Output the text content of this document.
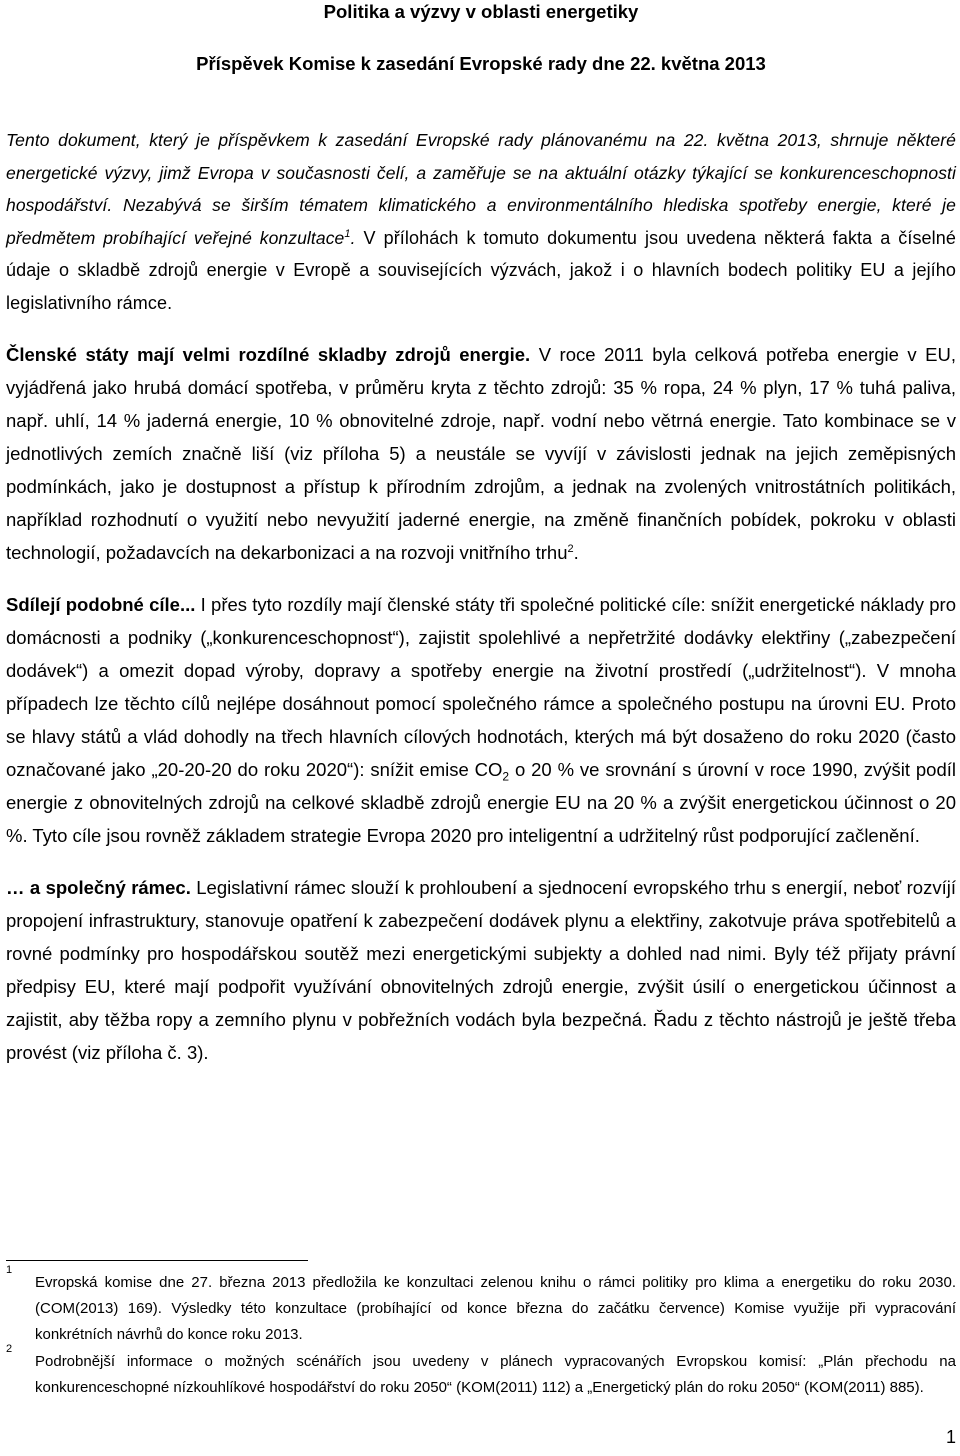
Politika a výzvy v oblasti energetiky
Příspěvek Komise k zasedání Evropské rady dne 22. května 2013

Tento dokument, který je příspěvkem k zasedání Evropské rady plánovanému na 22. května 2013, shrnuje některé energetické výzvy, jimž Evropa v současnosti čelí, a zaměřuje se na aktuální otázky týkající se konkurenceschopnosti hospodářství. Nezabývá se širším tématem klimatického a environmentálního hlediska spotřeby energie, které je předmětem probíhající veřejné konzultace$^1$. V přílohách k tomuto dokumentu jsou uvedena některá fakta a číselné údaje o skladbě zdrojů energie v Evropě a souvisejících výzvách, jakož i o hlavních bodech politiky EU a jejího legislativního rámce.

Členské státy mají velmi rozdílné skladby zdrojů energie. V roce 2011 byla celková potřeba energie v EU, vyjádřená jako hrubá domácí spotřeba, v průměru kryta z těchto zdrojů: 35 % ropa, 24 % plyn, 17 % tuhá paliva, např. uhlí, 14 % jaderná energie, 10 % obnovitelné zdroje, např. vodní nebo větrná energie. Tato kombinace se v jednotlivých zemích značně liší (viz příloha 5) a neustále se vyvíjí v závislosti jednak na jejich zeměpisných podmínkách, jako je dostupnost a přístup k přírodním zdrojům, a jednak na zvolených vnitrostátních politikách, například rozhodnutí o využití nebo nevyužití jaderné energie, na změně finančních pobídek, pokroku v oblasti technologií, požadavcích na dekarbonizaci a na rozvoji vnitřního trhu$^2$.

Sdílejí podobné cíle... I přes tyto rozdíly mají členské státy tři společné politické cíle: snížit energetické náklady pro domácnosti a podniky („konkurenceschopnost“), zajistit spolehlivé a nepřetržité dodávky elektřiny („zabezpečení dodávek“) a omezit dopad výroby, dopravy a spotřeby energie na životní prostředí („udržitelnost“). V mnoha případech lze těchto cílů nejlépe dosáhnout pomocí společného rámce a společného postupu na úrovni EU. Proto se hlavy států a vlád dohodly na třech hlavních cílových hodnotách, kterých má být dosaženo do roku 2020 (často označované jako „20-20-20 do roku 2020“): snížit emise $CO_2$ o 20 % ve srovnání s úrovní v roce 1990, zvýšit podíl energie z obnovitelných zdrojů na celkové skladbě zdrojů energie EU na 20 % a zvýšit energetickou účinnost o 20 %. Tyto cíle jsou rovněž základem strategie Evropa 2020 pro inteligentní a udržitelný růst podporující začlenění.

… a společný rámec. Legislativní rámec slouží k prohloubení a sjednocení evropského trhu s energií, neboť rozvíjí propojení infrastruktury, stanovuje opatření k zabezpečení dodávek plynu a elektřiny, zakotvuje práva spotřebitelů a rovné podmínky pro hospodářskou soutěž mezi energetickými subjekty a dohled nad nimi. Byly též přijaty právní předpisy EU, které mají podpořit využívání obnovitelných zdrojů energie, zvýšit úsilí o energetickou účinnost a zajistit, aby těžba ropy a zemního plynu v pobřežních vodách byla bezpečná. Řadu z těchto nástrojů je ještě třeba provést (viz příloha č. 3).

1
Evropská komise dne 27. března 2013 předložila ke konzultaci zelenou knihu o rámci politiky pro klima a energetiku do roku 2030. (COM(2013) 169). Výsledky této konzultace (probíhající od konce března do začátku července) Komise využije při vypracování konkrétních návrhů do konce roku 2013.
2
Podrobnější informace o možných scénářích jsou uvedeny v plánech vypracovaných Evropskou komisí: „Plán přechodu na konkurenceschopné nízkouhlíkové hospodářství do roku 2050“ (KOM(2011) 112) a „Energetický plán do roku 2050“ (KOM(2011) 885).
1
